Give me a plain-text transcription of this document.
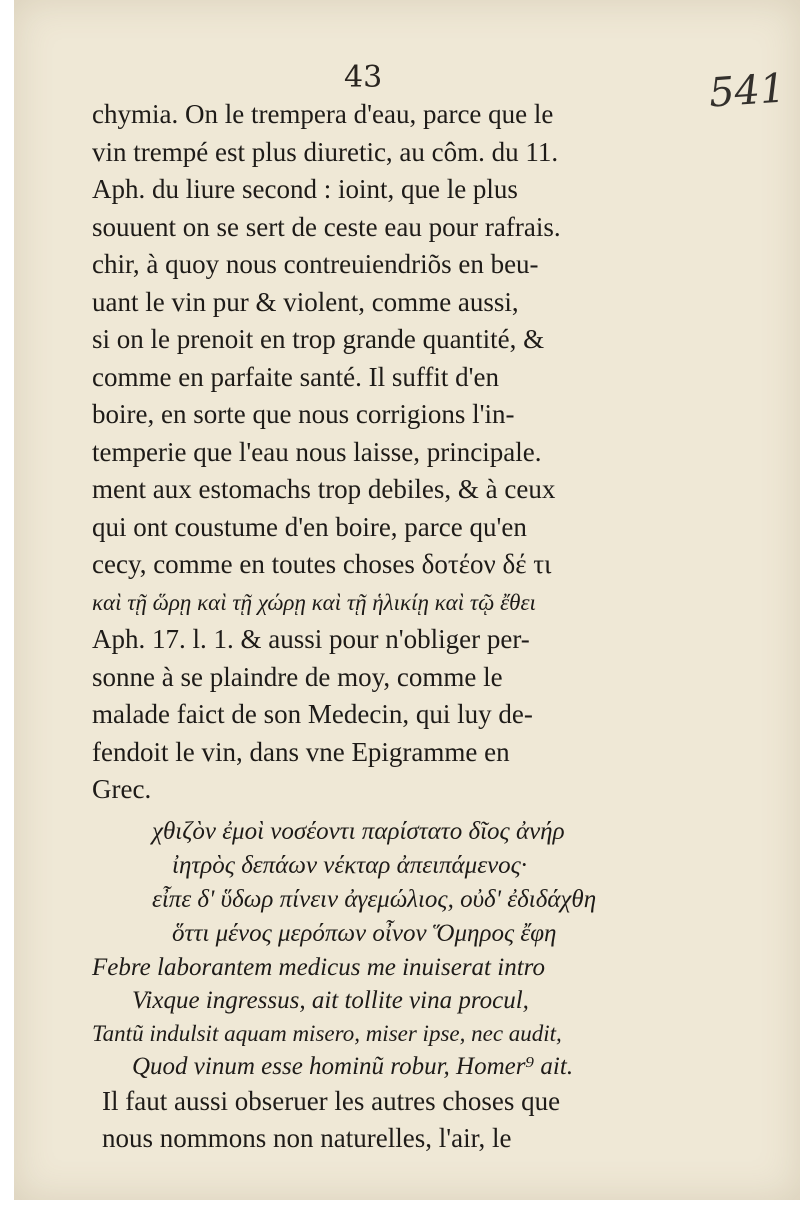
43	541
chymia. On le trempera d'eau, parce que le
vin trempé est plus diuretic, au côm. du 11.
Aph. du liure second : ioint, que le plus
souuent on se sert de ceste eau pour rafrais.
chir, à quoy nous contreuiendriõs en beu-
uant le vin pur & violent, comme aussi,
si on le prenoit en trop grande quantité, &
comme en parfaite santé. Il suffit d'en
boire, en sorte que nous corrigions l'in-
temperie que l'eau nous laisse, principale.
ment aux estomachs trop debiles, & à ceux
qui ont coustume d'en boire, parce qu'en
cecy, comme en toutes choses δοτέον δέ τι
καὶ τῇ ὥρῃ καὶ τῇ χώρῃ καὶ τῇ ἡλικίῃ καὶ τῷ ἔθει
Aph. 17. l. 1. & aussi pour n'obliger per-
sonne à se plaindre de moy, comme le
malade faict de son Medecin, qui luy de-
fendoit le vin, dans vne Epigramme en
Grec.
χθιζὸν ἐμοὶ νοσέοντι παρίστατο δῖος ἀνήρ
ἰητρὸς δεπάων νέκταρ ἀπειπάμενος·
εἶπε δ' ὕδωρ πίνειν ἀγεμώλιος, οὐδ' ἐδιδάχθη
ὅττι μένος μερόπων οἶνον Ὅμηρος ἔφη
Febre laborantem medicus me inuiserat intro
Vixque ingressus, ait tollite vina procul,
Tantũ indulsit aquam misero, miser ipse, nec audit,
Quod vinum esse hominũ robur, Homer⁹ ait.
Il faut aussi obseruer les autres choses que
nous nommons non naturelles, l'air, le
